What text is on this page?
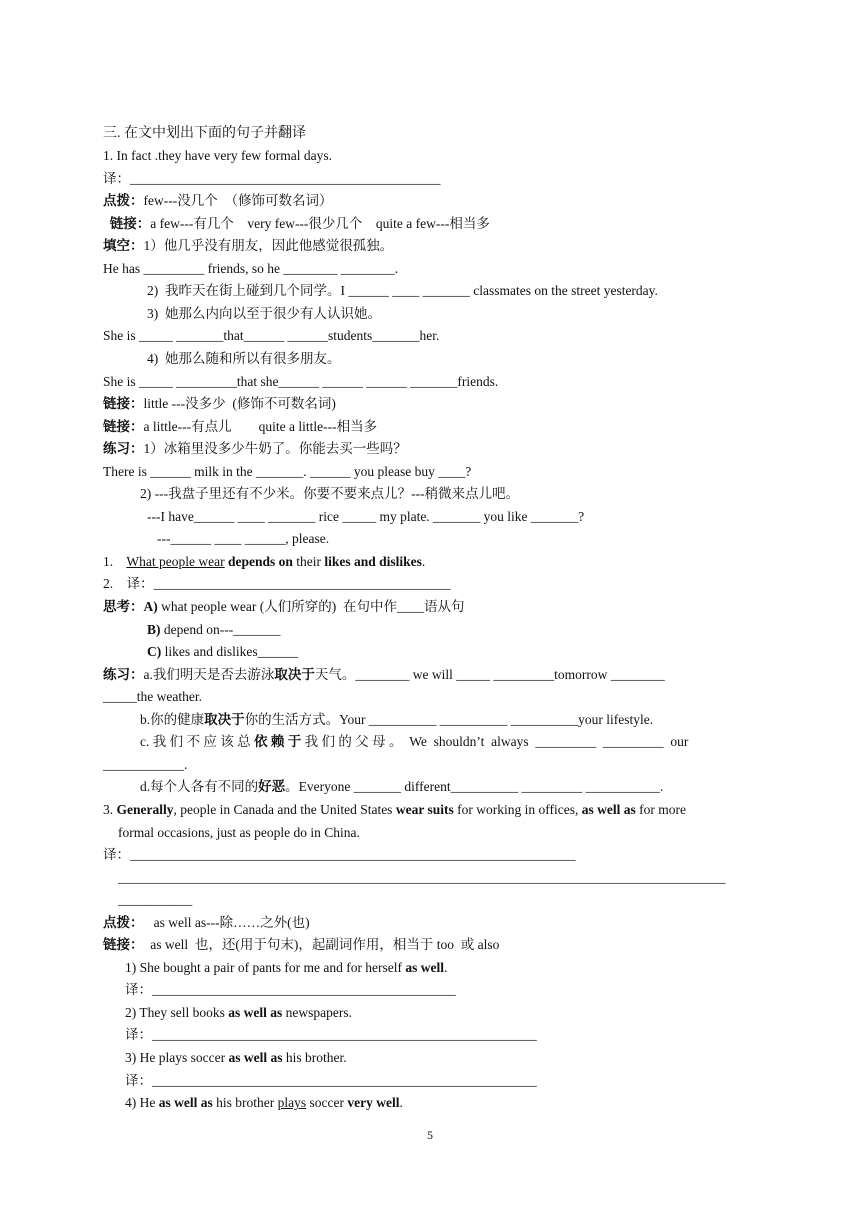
三. 在文中划出下面的句子并翻译
1. In fact .they have very few formal days.
译：______________________________________________
点拨：few---没几个  （修饰可数名词）
链接：a few---有几个    very few---很少几个    quite a few---相当多
填空：1）他几乎没有朋友，因此他感觉很孤独。
He has _________ friends, so he ________ ________.
2)  我昨天在街上碰到几个同学。I ______ ____ _______ classmates on the street yesterday.
3)  她那么内向以至于很少有人认识她。
She is _____ _______that______ ______students_______her.
4)  她那么随和所以有很多朋友。
She is _____ _________that she______ ______ ______ _______friends.
链接：little ---没多少  (修饰不可数名词)
链接：a little---有点儿        quite a little---相当多
练习：1）冰箱里没多少牛奶了。你能去买一些吗？
There is ______ milk in the _______. ______ you please buy ____?
2) ---我盘子里还有不少米。你要不要来点儿？---稍微来点儿吧。
---I have______ ____ _______ rice _____ my plate. _______ you like _______?
---______ ____ ______, please.
1.    What people wear depends on their likes and dislikes.
2.    译：____________________________________________
思考：A) what people wear (人们所穿的)  在句中作____语从句
B) depend on---_______
C) likes and dislikes______
练习：a.我们明天是否去游泳取决于天气。________ we will _____ _________tomorrow ________
_____the weather.
b.你的健康取决于你的生活方式。Your __________ __________ __________your lifestyle.
c. 我 们 不 应 该 总 依 赖 于 我 们 的 父 母 。  We  shouldn’t  always  _________  _________  our
____________.
d.每个人各有不同的好恶。Everyone _______ different__________ _________ ___________.
3. Generally, people in Canada and the United States wear suits for working in offices, as well as for more
formal occasions, just as people do in China.
译：__________________________________________________________________
__________________________________________________________________________________________
___________
点拨：   as well as---除……之外(也)
链接：  as well  也，还(用于句末)，起副词作用，相当于 too  或 also
1) She bought a pair of pants for me and for herself as well.
译：_____________________________________________
2) They sell books as well as newspapers.
译：_________________________________________________________
3) He plays soccer as well as his brother.
译：_________________________________________________________
4) He as well as his brother plays soccer very well.
5
